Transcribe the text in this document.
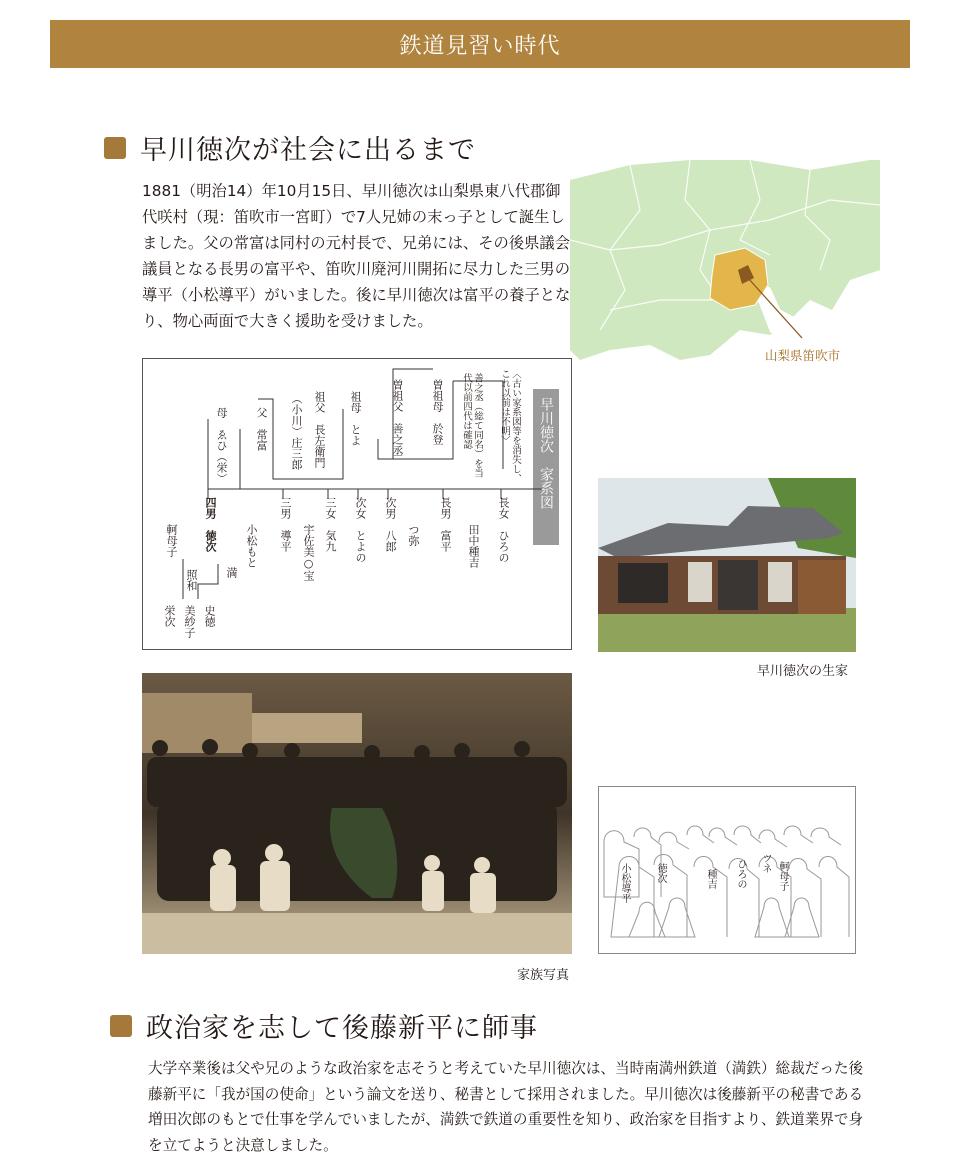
鉄道見習い時代
早川徳次が社会に出るまで
1881（明治14）年10月15日、早川徳次は山梨県東八代郡御代咲村（現：笛吹市一宮町）で7人兄姉の末っ子として誕生しました。父の常富は同村の元村長で、兄弟には、その後県議会議員となる長男の富平や、笛吹川廃河川開拓に尽力した三男の導平（小松導平）がいました。後に早川徳次は富平の養子となり、物心両面で大きく援助を受けました。
山梨県笛吹市
早川徳次　家系図
〈古い家系図等を消失し、　これ以前は不明〉
善之丞（総て同名）を当代以前四代は確認
曽祖母　於登
曽祖父　善之丞
祖母　とよ
祖父　長左衛門
（小川）庄三郎
父　常富
母　ゑひ（栄）
長女　ひろの
長男　富平
次男　八郎
次女　とよの
三女　気九
三男　導平
四男　徳次	田中種吉
つ弥
宇佐美○宝
小松もと
軻母子
満
照和
史徳
美紗子
栄次
早川徳次の生家
家族写真
小松導平	徳次	種吉 ひろの ツネ 軻母子
政治家を志して後藤新平に師事
大学卒業後は父や兄のような政治家を志そうと考えていた早川徳次は、当時南満州鉄道（満鉄）総裁だった後藤新平に「我が国の使命」という論文を送り、秘書として採用されました。早川徳次は後藤新平の秘書である増田次郎のもとで仕事を学んでいましたが、満鉄で鉄道の重要性を知り、政治家を目指すより、鉄道業界で身を立てようと決意しました。
